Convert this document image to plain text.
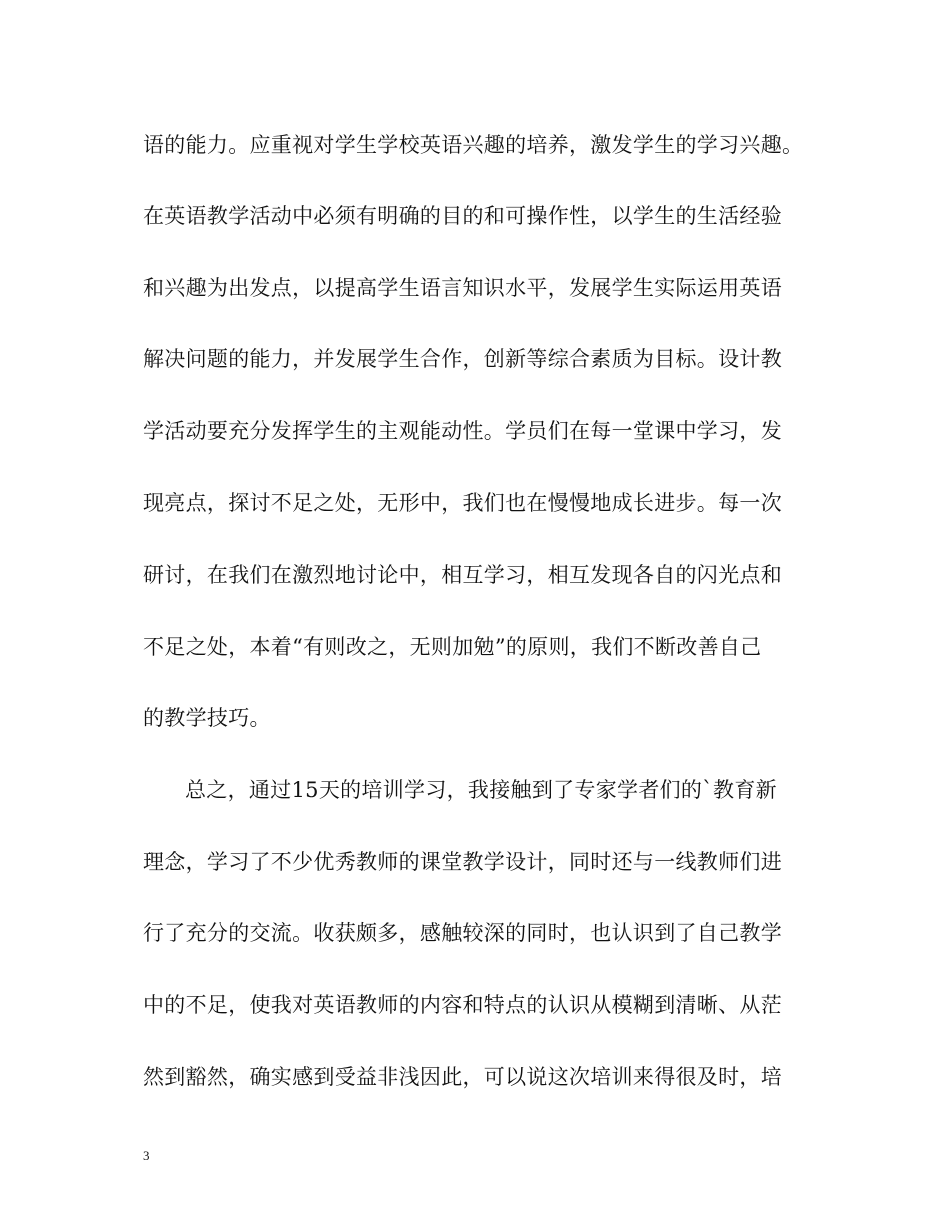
语的能力。应重视对学生学校英语兴趣的培养，激发学生的学习兴趣。
在英语教学活动中必须有明确的目的和可操作性，以学生的生活经验
和兴趣为出发点，以提高学生语言知识水平，发展学生实际运用英语
解决问题的能力，并发展学生合作，创新等综合素质为目标。设计教
学活动要充分发挥学生的主观能动性。学员们在每一堂课中学习，发
现亮点，探讨不足之处，无形中，我们也在慢慢地成长进步。每一次
研讨，在我们在激烈地讨论中，相互学习，相互发现各自的闪光点和
不足之处，本着“有则改之，无则加勉”的原则，我们不断改善自己
的教学技巧。
总之，通过15天的培训学习，我接触到了专家学者们的`教育新
理念，学习了不少优秀教师的课堂教学设计，同时还与一线教师们进
行了充分的交流。收获颇多，感触较深的同时，也认识到了自己教学
中的不足，使我对英语教师的内容和特点的认识从模糊到清晰、从茫
然到豁然，确实感到受益非浅因此，可以说这次培训来得很及时，培
3
